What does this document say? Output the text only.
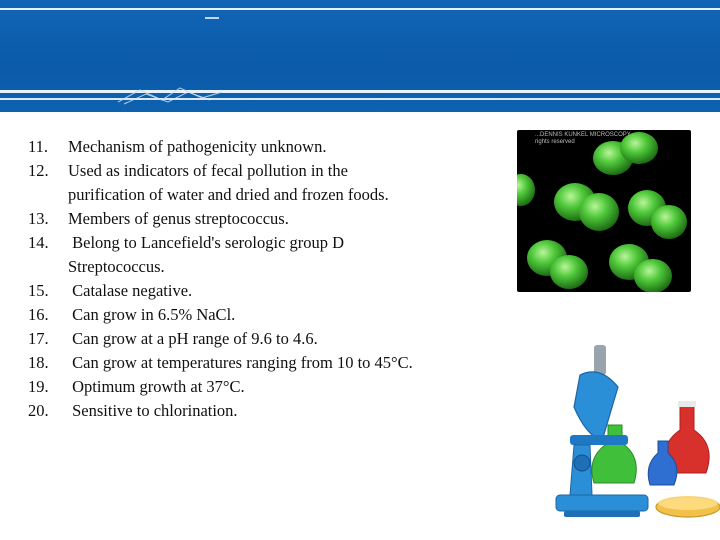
11.	Mechanism of pathogenicity unknown.
12.	Used as indicators of fecal pollution in the
purification of water and dried and frozen foods.
13.	Members of genus streptococcus.
14.	Belong to Lancefield's serologic group D
Streptococcus.
15.	Catalase negative.
16.	Can grow in 6.5% NaCl.
17.	Can grow at a pH range of 9.6 to 4.6.
18.	Can grow at temperatures ranging from 10 to 45°C.
19.	Optimum growth at 37°C.
20.	Sensitive to chlorination.
...DENNIS KUNKEL MICROSCOPY...
rights reserved
